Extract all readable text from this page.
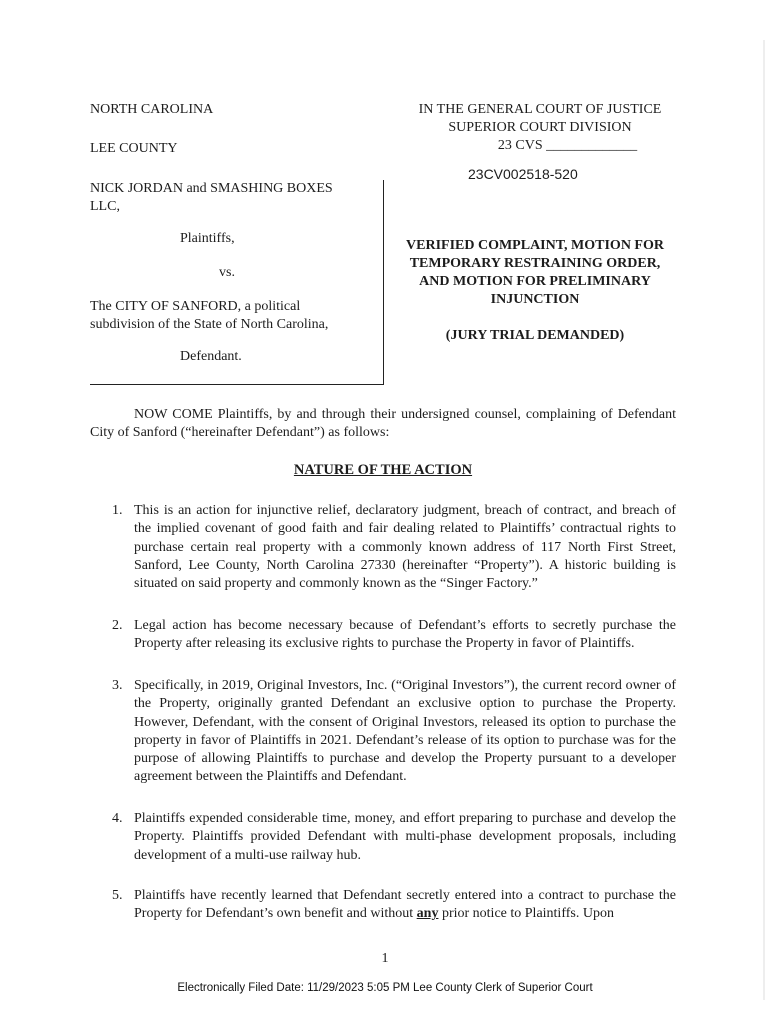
NORTH CAROLINA
LEE COUNTY
IN THE GENERAL COURT OF JUSTICE
SUPERIOR COURT DIVISION
23 CVS _____________
23CV002518-520
NICK JORDAN and SMASHING BOXES
LLC,
Plaintiffs,
vs.
The CITY OF SANFORD, a political
subdivision of the State of North Carolina,
Defendant.
VERIFIED COMPLAINT, MOTION FOR
TEMPORARY RESTRAINING ORDER,
AND MOTION FOR PRELIMINARY
INJUNCTION
(JURY TRIAL DEMANDED)
NOW COME Plaintiffs, by and through their undersigned counsel, complaining of Defendant City of Sanford (“hereinafter Defendant”) as follows:
NATURE OF THE ACTION
1. This is an action for injunctive relief, declaratory judgment, breach of contract, and breach of the implied covenant of good faith and fair dealing related to Plaintiffs’ contractual rights to purchase certain real property with a commonly known address of 117 North First Street, Sanford, Lee County, North Carolina 27330 (hereinafter “Property”). A historic building is situated on said property and commonly known as the “Singer Factory.”
2. Legal action has become necessary because of Defendant’s efforts to secretly purchase the Property after releasing its exclusive rights to purchase the Property in favor of Plaintiffs.
3. Specifically, in 2019, Original Investors, Inc. (“Original Investors”), the current record owner of the Property, originally granted Defendant an exclusive option to purchase the Property. However, Defendant, with the consent of Original Investors, released its option to purchase the property in favor of Plaintiffs in 2021. Defendant’s release of its option to purchase was for the purpose of allowing Plaintiffs to purchase and develop the Property pursuant to a developer agreement between the Plaintiffs and Defendant.
4. Plaintiffs expended considerable time, money, and effort preparing to purchase and develop the Property. Plaintiffs provided Defendant with multi-phase development proposals, including development of a multi-use railway hub.
5. Plaintiffs have recently learned that Defendant secretly entered into a contract to purchase the Property for Defendant’s own benefit and without any prior notice to Plaintiffs. Upon
1
Electronically Filed Date: 11/29/2023 5:05 PM Lee County Clerk of Superior Court
